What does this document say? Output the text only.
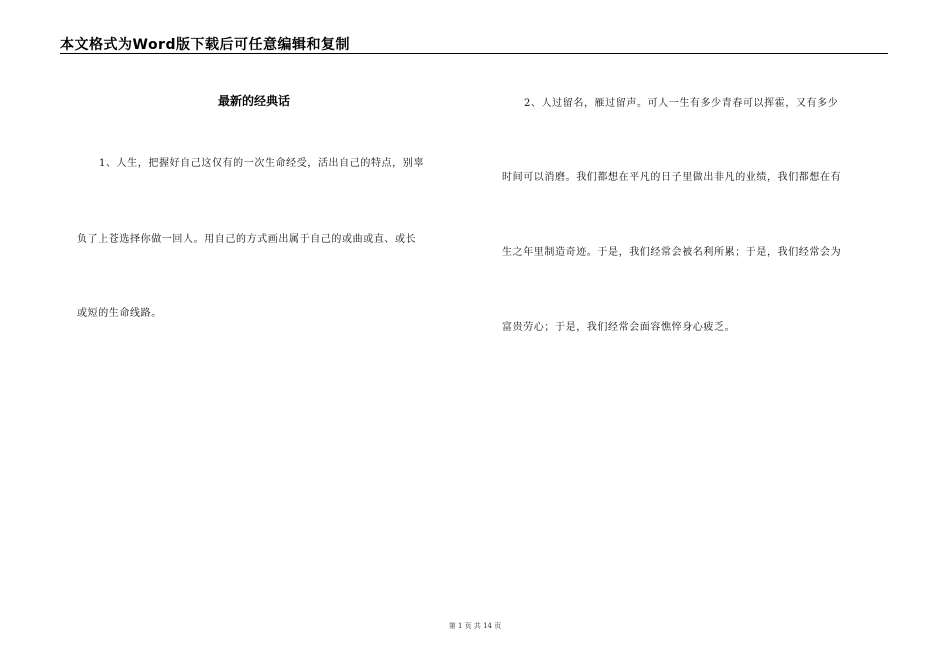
本文格式为Word版下载后可任意编辑和复制
最新的经典话
1、人生，把握好自己这仅有的一次生命经受，活出自己的特点，别辜
负了上苍选择你做一回人。用自己的方式画出属于自己的或曲或直、或长
或短的生命线路。
2、人过留名，雁过留声。可人一生有多少青春可以挥霍，又有多少
时间可以消磨。我们都想在平凡的日子里做出非凡的业绩，我们都想在有
生之年里制造奇迹。于是，我们经常会被名利所累；于是，我们经常会为
富贵劳心；于是，我们经常会面容憔悴身心疲乏。
第 1 页 共 14 页
